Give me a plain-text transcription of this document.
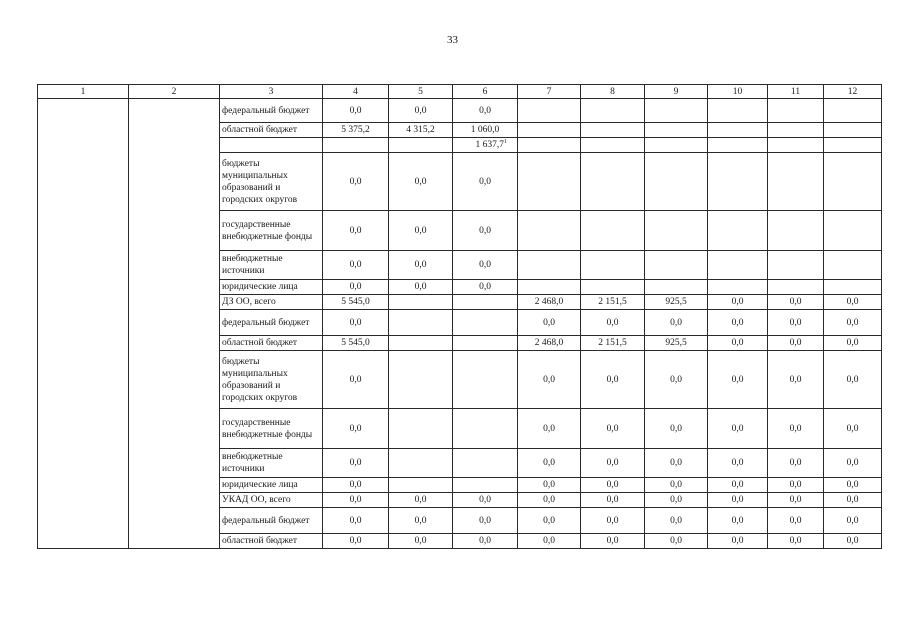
33
1	2	3	4	5	6	7	8	9	10	11	12
		федеральный бюджет	0,0	0,0	0,0						
		областной бюджет	5 375,2	4 315,2	1 060,0						
					1 637,7$^1$						
		бюджеты муниципальных образований и городских округов	0,0	0,0	0,0						
		государственные внебюджетные фонды	0,0	0,0	0,0						
		внебюджетные источники	0,0	0,0	0,0						
		юридические лица	0,0	0,0	0,0						
		ДЗ ОО, всего	5 545,0			2 468,0	2 151,5	925,5	0,0	0,0	0,0
		федеральный бюджет	0,0			0,0	0,0	0,0	0,0	0,0	0,0
		областной бюджет	5 545,0			2 468,0	2 151,5	925,5	0,0	0,0	0,0
		бюджеты муниципальных образований и городских округов	0,0			0,0	0,0	0,0	0,0	0,0	0,0
		государственные внебюджетные фонды	0,0			0,0	0,0	0,0	0,0	0,0	0,0
		внебюджетные источники	0,0			0,0	0,0	0,0	0,0	0,0	0,0
		юридические лица	0,0			0,0	0,0	0,0	0,0	0,0	0,0
		УКАД ОО, всего	0,0	0,0	0,0	0,0	0,0	0,0	0,0	0,0	0,0
		федеральный бюджет	0,0	0,0	0,0	0,0	0,0	0,0	0,0	0,0	0,0
		областной бюджет	0,0	0,0	0,0	0,0	0,0	0,0	0,0	0,0	0,0
